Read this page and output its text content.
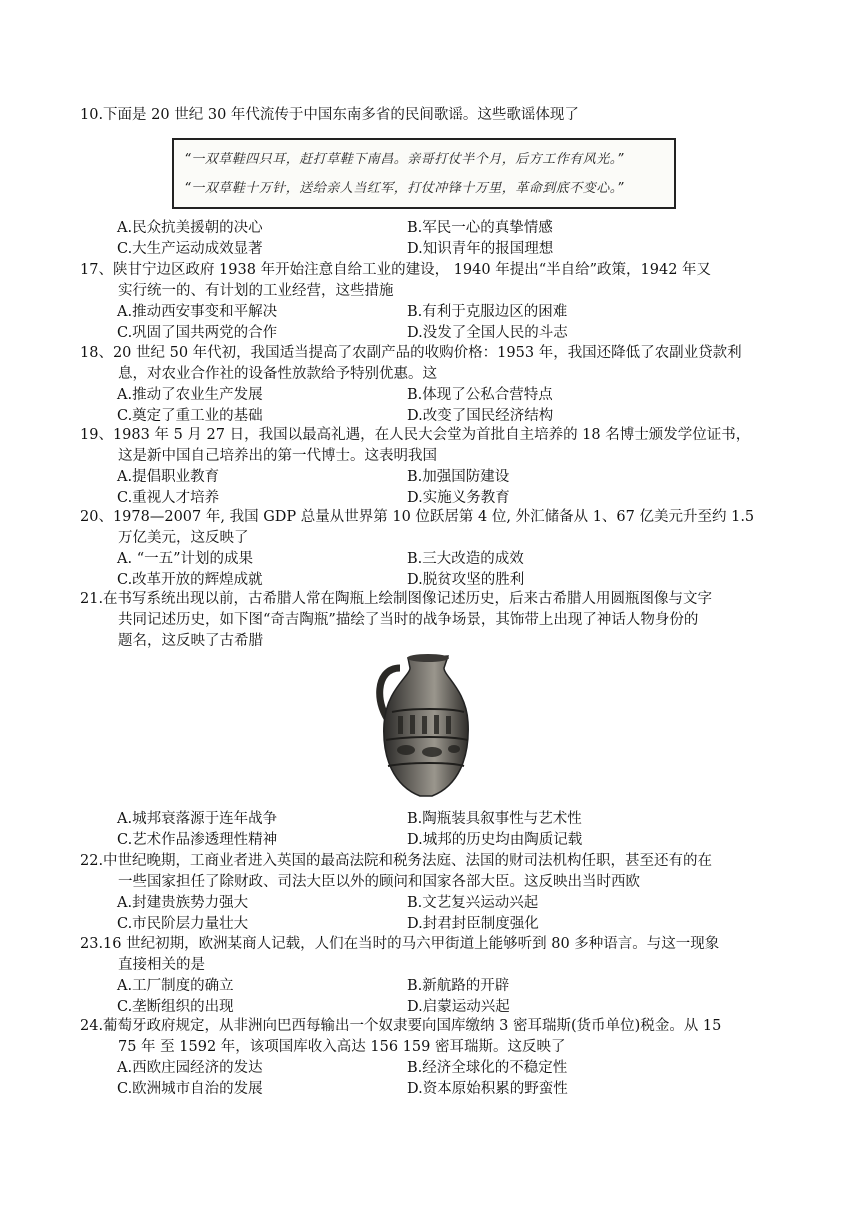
10.下面是 20 世纪 30 年代流传于中国东南多省的民间歌谣。这些歌谣体现了

“一双草鞋四只耳，赶打草鞋下南昌。亲哥打仗半个月，后方工作有风光。”
“一双草鞋十万针，送给亲人当红军，打仗冲锋十万里，革命到底不变心。”
A.民众抗美援朝的决心	B.军民一心的真挚情感
C.大生产运动成效显著	D.知识青年的报国理想

17、陕甘宁边区政府 1938 年开始注意自给工业的建设， 1940 年提出“半自给”政策，1942 年又

实行统一的、有计划的工业经营，这些措施

A.推动西安事变和平解决	B.有利于克服边区的困难
C.巩固了国共两党的合作	D.没发了全国人民的斗志

18、20 世纪 50 年代初，我国适当提高了农副产品的收购价格：1953 年，我国还降低了农副业贷款利

息，对农业合作社的设备性放款给予特别优惠。这

A.推动了农业生产发展	B.体现了公私合营特点
C.奠定了重工业的基础	D.改变了国民经济结构

19、1983 年 5 月 27 日，我国以最高礼遇，在人民大会堂为首批自主培养的 18 名博士颁发学位证书，

这是新中国自己培养出的第一代博士。这表明我国

A.提倡职业教育	B.加强国防建设
C.重视人才培养	D.实施义务教育

20、1978—2007 年, 我国 GDP 总量从世界第 10 位跃居第 4 位, 外汇储备从 1、67 亿美元升至约 1.5

万亿美元，这反映了

A. “一五”计划的成果	B.三大改造的成效
C.改革开放的辉煌成就	D.脱贫攻坚的胜利

21.在书写系统出现以前，古希腊人常在陶瓶上绘制图像记述历史，后来古希腊人用圆瓶图像与文字

共同记述历史，如下图“奇吉陶瓶”描绘了当时的战争场景，其饰带上出现了神话人物身份的

题名，这反映了古希腊

A.城邦衰落源于连年战争	B.陶瓶装具叙事性与艺术性
C.艺术作品渗透理性精神	D.城邦的历史均由陶质记载

22.中世纪晚期，工商业者进入英国的最高法院和税务法庭、法国的财司法机构任职，甚至还有的在

一些国家担任了除财政、司法大臣以外的顾问和国家各部大臣。这反映出当时西欧

A.封建贵族势力强大	B.文艺复兴运动兴起
C.市民阶层力量壮大	D.封君封臣制度强化

23.16 世纪初期，欧洲某商人记载，人们在当时的马六甲街道上能够听到 80 多种语言。与这一现象

直接相关的是

A.工厂制度的确立	B.新航路的开辟
C.垄断组织的出现	D.启蒙运动兴起

24.葡萄牙政府规定，从非洲向巴西每输出一个奴隶要向国库缴纳 3 密耳瑞斯(货币单位)税金。从 15

75 年 至 1592 年，该项国库收入高达 156 159 密耳瑞斯。这反映了

A.西欧庄园经济的发达	B.经济全球化的不稳定性
C.欧洲城市自治的发展	D.资本原始积累的野蛮性
